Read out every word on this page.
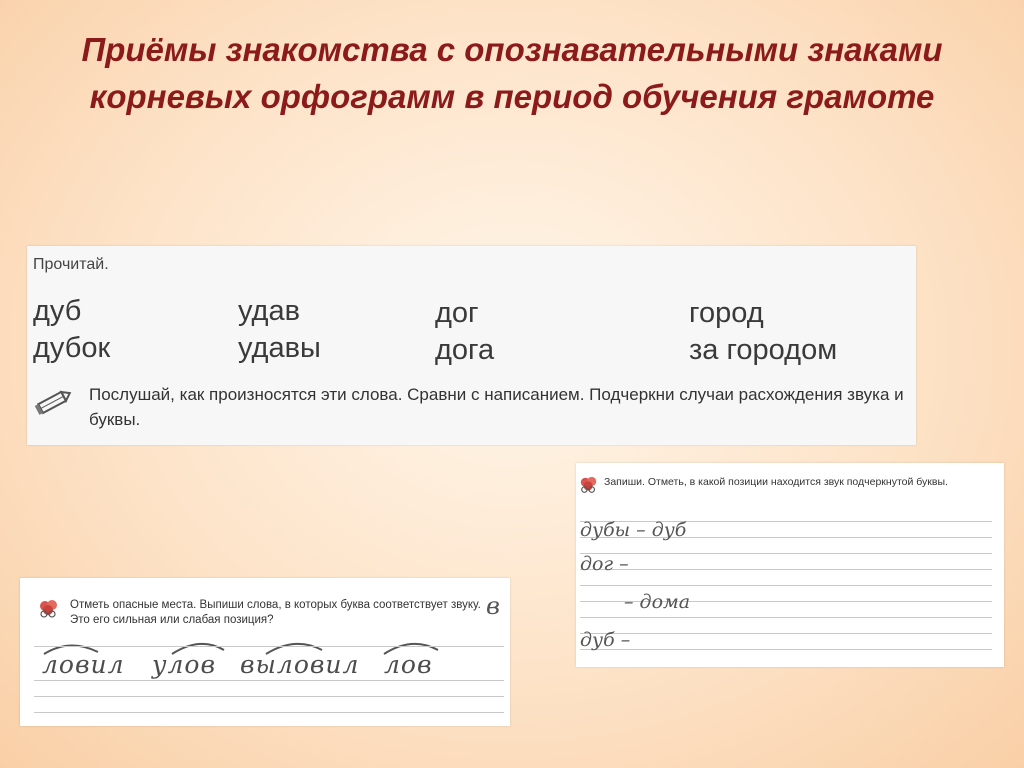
Приёмы знакомства с опознавательными знаками корневых орфограмм в период обучения грамоте
Прочитай.
дуб
дубок
удав
удавы
дог
дога
город
за городом
Послушай, как произносятся эти слова. Сравни с написанием. Подчеркни случаи расхождения звука и буквы.
Отметь опасные места. Выпиши слова, в которых буква соответствует звуку. Это его сильная или слабая позиция?	в
ловил улов выловил лов
Запиши. Отметь, в какой позиции находится звук подчеркнутой буквы.
дубы – дуб
дог –
– дома
дуб –
